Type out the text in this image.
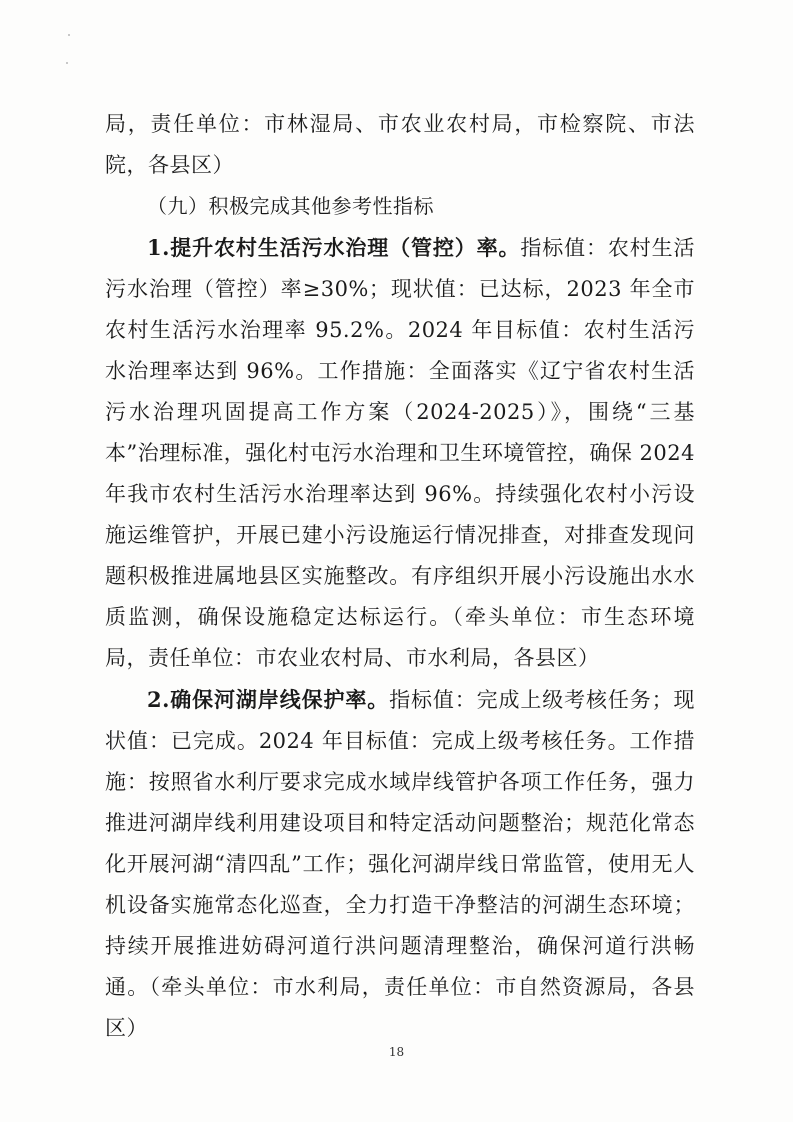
局，责任单位：市林湿局、市农业农村局，市检察院、市法院，各县区）

（九）积极完成其他参考性指标

1.提升农村生活污水治理（管控）率。指标值：农村生活污水治理（管控）率≥30%；现状值：已达标，2023 年全市农村生活污水治理率 95.2%。2024 年目标值：农村生活污水治理率达到 96%。工作措施：全面落实《辽宁省农村生活污水治理巩固提高工作方案（2024-2025）》，围绕“三基本”治理标准，强化村屯污水治理和卫生环境管控，确保 2024 年我市农村生活污水治理率达到 96%。持续强化农村小污设施运维管护，开展已建小污设施运行情况排查，对排查发现问题积极推进属地县区实施整改。有序组织开展小污设施出水水质监测，确保设施稳定达标运行。（牵头单位：市生态环境局，责任单位：市农业农村局、市水利局，各县区）

2.确保河湖岸线保护率。指标值：完成上级考核任务；现状值：已完成。2024 年目标值：完成上级考核任务。工作措施：按照省水利厅要求完成水域岸线管护各项工作任务，强力推进河湖岸线利用建设项目和特定活动问题整治；规范化常态化开展河湖“清四乱”工作；强化河湖岸线日常监管，使用无人机设备实施常态化巡查，全力打造干净整洁的河湖生态环境；持续开展推进妨碍河道行洪问题清理整治，确保河道行洪畅通。（牵头单位：市水利局，责任单位：市自然资源局，各县区）

18
